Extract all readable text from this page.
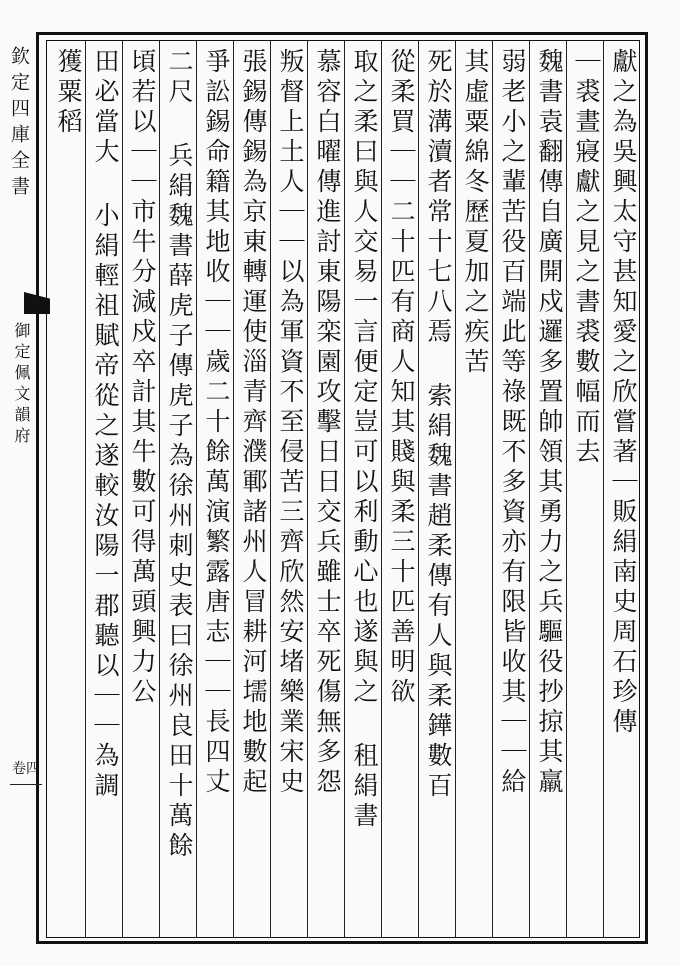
欽定四庫全書
御定佩文韻府
卷四
獻之為吳興太守甚知愛之欣嘗著｜販絹南史周石珍傳
｜裘晝寢獻之見之書裘數幅而去
魏書袁翻傳自廣開戍邏多置帥領其勇力之兵驅役抄掠其羸
弱老小之輩苦役百端此等祿既不多資亦有限皆收其｜｜給
其虛粟綿冬歷夏加之疾苦
死於溝瀆者常十七八焉 索絹魏書趙柔傳有人與柔鏵數百
從柔買｜｜二十匹有商人知其賤與柔三十匹善明欲
取之柔曰與人交易一言便定豈可以利動心也遂與之 租絹書
慕容白曜傳進討東陽栾園攻擊日日交兵雖士卒死傷無多怨
叛督上土人｜｜以為軍資不至侵苦三齊欣然安堵樂業宋史
張錫傳錫為京東轉運使淄青齊濮鄆諸州人冒耕河壖地數起
爭訟錫命籍其地收｜｜歲二十餘萬演繁露唐志｜｜長四丈
二尺 兵絹魏書薛虎子傳虎子為徐州刺史表曰徐州良田十萬餘
頃若以｜｜市牛分減戍卒計其牛數可得萬頭興力公
田必當大 小絹輕祖賦帝從之遂較汝陽一郡聽以｜｜為調
獲粟稻
